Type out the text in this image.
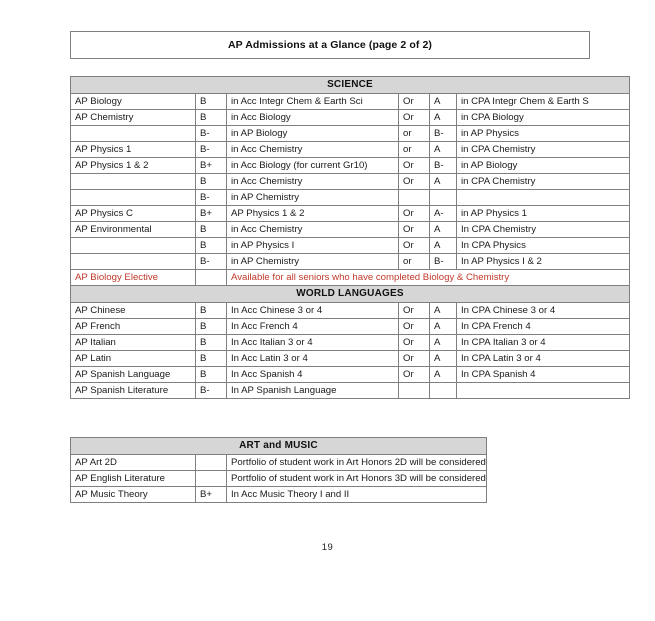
AP Admissions at a Glance (page 2 of 2)
SCIENCE					
AP Biology	B	in Acc Integr Chem & Earth Sci	Or	A	in CPA Integr Chem & Earth S
AP Chemistry	B	in Acc Biology	Or	A	in CPA Biology
	B-	in AP Biology	or	B-	in AP Physics
AP Physics 1	B-	in Acc Chemistry	or	A	in CPA Chemistry
AP Physics 1 & 2	B+	in Acc Biology (for current Gr10)	Or	B-	in AP Biology
	B	in Acc Chemistry	Or	A	in CPA Chemistry
	B-	in AP Chemistry			
AP Physics C	B+	AP Physics 1 & 2	Or	A-	in AP Physics 1
AP Environmental	B	in Acc Chemistry	Or	A	In CPA Chemistry
	B	in AP Physics I	Or	A	In CPA Physics
	B-	in AP Chemistry	or	B-	In AP Physics I & 2
AP Biology Elective		Available for all seniors who have completed Biology & Chemistry			
WORLD LANGUAGES					
AP Chinese	B	In Acc Chinese 3 or 4	Or	A	In CPA Chinese 3 or 4
AP French	B	In Acc French 4	Or	A	In CPA French 4
AP Italian	B	In Acc Italian 3 or 4	Or	A	In CPA Italian 3 or 4
AP Latin	B	In Acc Latin 3 or 4	Or	A	In CPA Latin 3 or 4
AP Spanish Language	B	In Acc Spanish 4	Or	A	In CPA Spanish 4
AP Spanish Literature	B-	In AP Spanish Language			
ART and MUSIC		
AP Art 2D		Portfolio of student work in Art Honors 2D will be considered
AP English Literature		Portfolio of student work in Art Honors 3D will be considered
AP Music Theory	B+	In Acc Music Theory I and II
19
